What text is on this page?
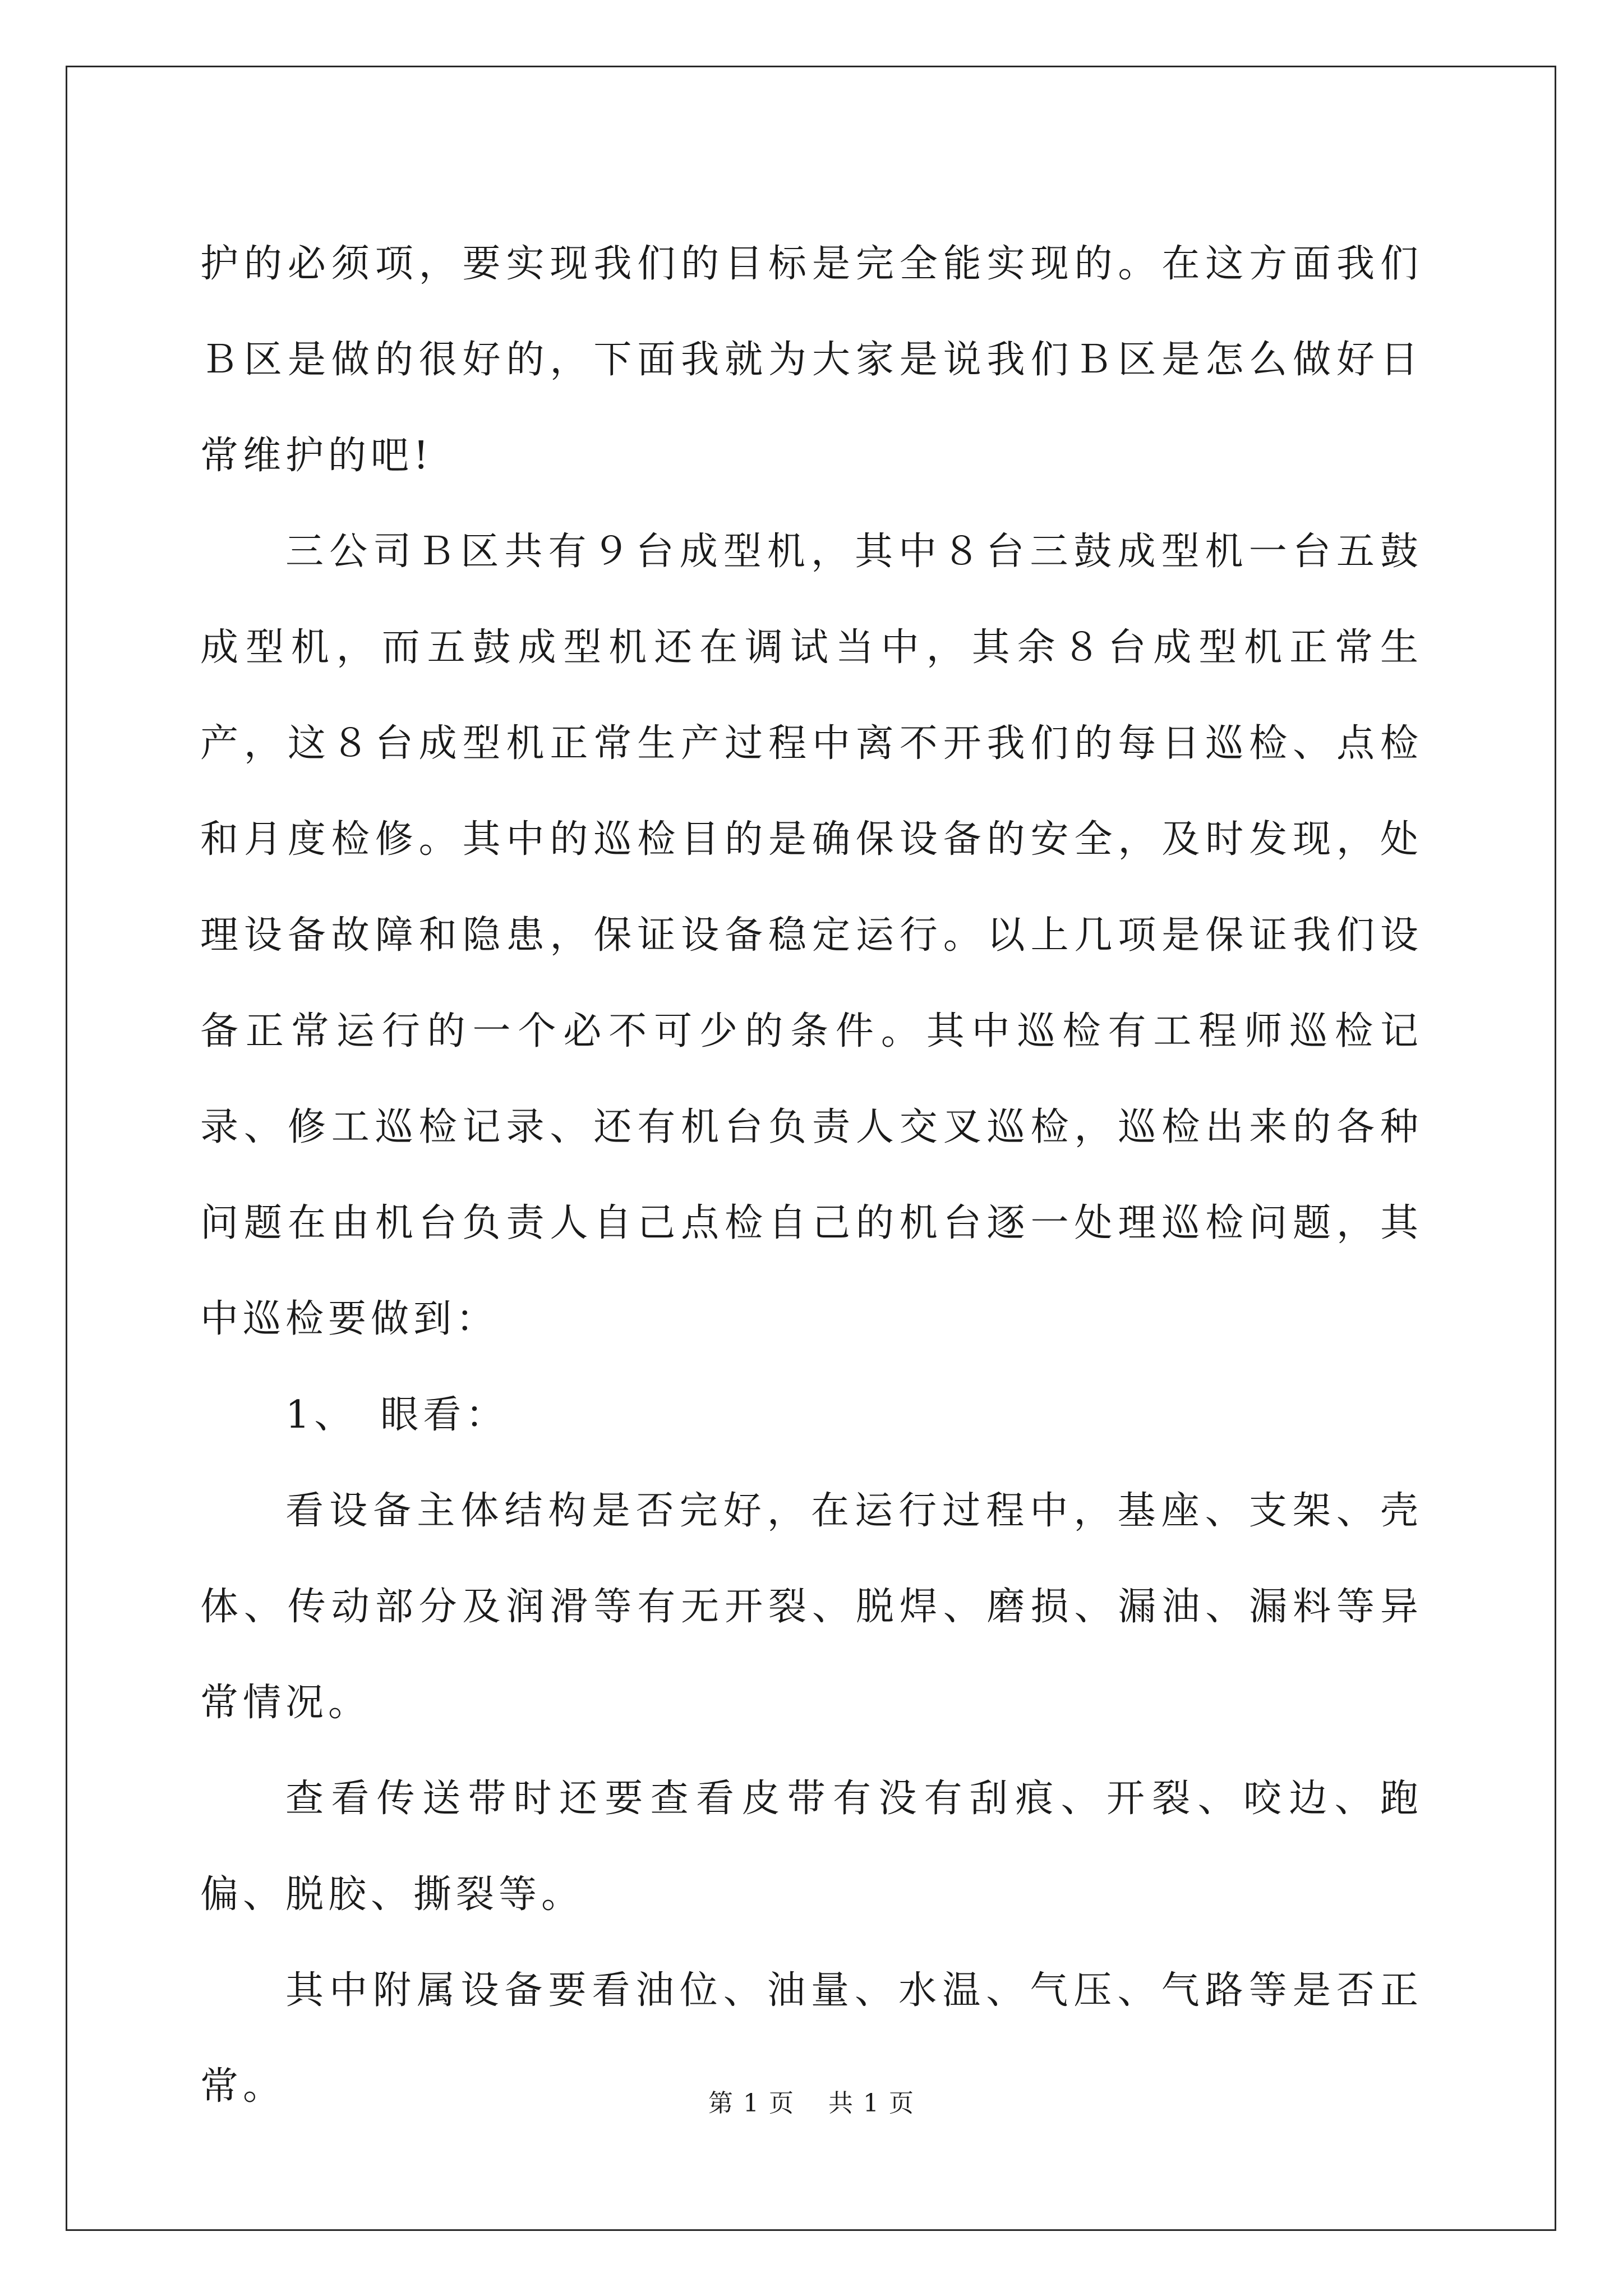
护的必须项，要实现我们的目标是完全能实现的。在这方面我们Ｂ区是做的很好的，下面我就为大家是说我们Ｂ区是怎么做好日常维护的吧!

三公司Ｂ区共有９台成型机，其中８台三鼓成型机一台五鼓成型机，而五鼓成型机还在调试当中，其余８台成型机正常生产，这８台成型机正常生产过程中离不开我们的每日巡检、点检和月度检修。其中的巡检目的是确保设备的安全，及时发现，处理设备故障和隐患，保证设备稳定运行。以上几项是保证我们设备正常运行的一个必不可少的条件。其中巡检有工程师巡检记录、修工巡检记录、还有机台负责人交叉巡检，巡检出来的各种问题在由机台负责人自己点检自己的机台逐一处理巡检问题，其中巡检要做到：

1、　眼看：

看设备主体结构是否完好，在运行过程中，基座、支架、壳体、传动部分及润滑等有无开裂、脱焊、磨损、漏油、漏料等异常情况。

查看传送带时还要查看皮带有没有刮痕、开裂、咬边、跑偏、脱胶、撕裂等。

其中附属设备要看油位、油量、水温、气压、气路等是否正常。	第 1 页 共 1 页
